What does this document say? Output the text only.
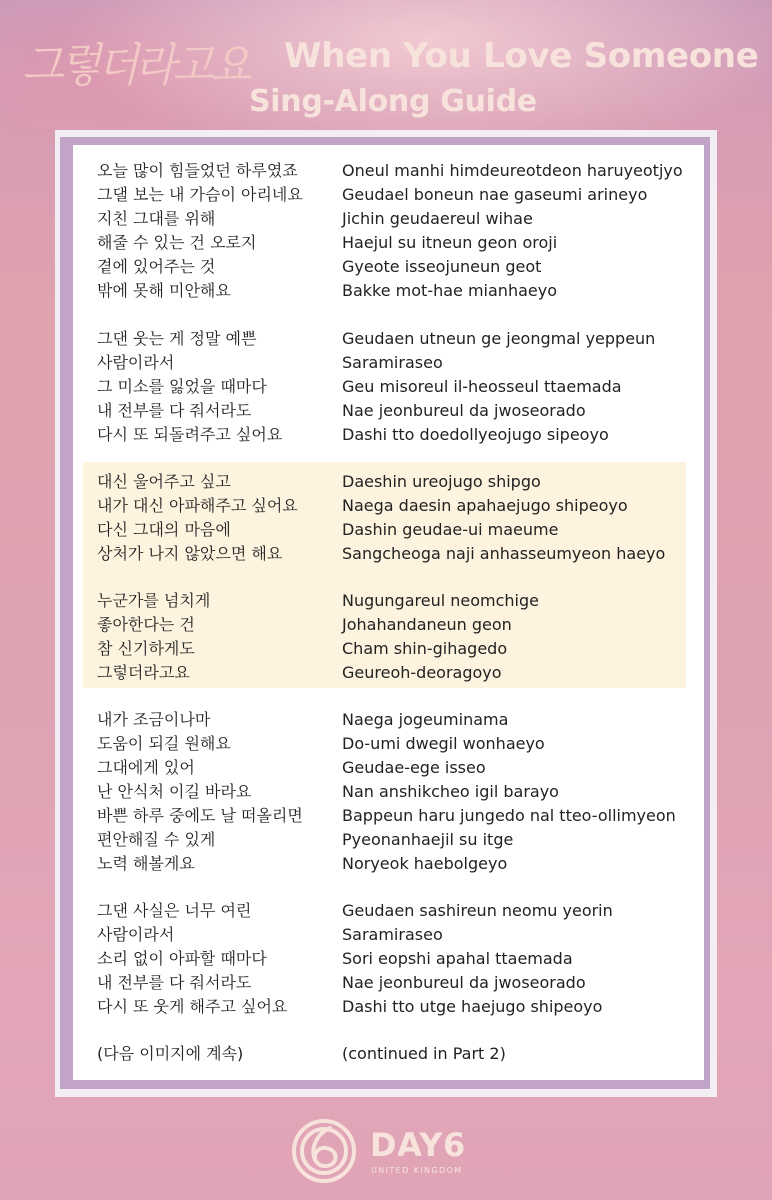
그렇더라고요	When You Love Someone
Sing-Along Guide
오늘 많이 힘들었던 하루였죠	Oneul manhi himdeureotdeon haruyeotjyo
그댈 보는 내 가슴이 아리네요 Geudael boneun nae gaseumi arineyo
지친 그대를 위해	Jichin geudaereul wihae
해줄 수 있는 건 오로지	Haejul su itneun geon oroji
곁에 있어주는 것	Gyeote isseojuneun geot
밖에 못해 미안해요	Bakke mot-hae mianhaeyo
그댄 웃는 게 정말 예쁜	Geudaen utneun ge jeongmal yeppeun
사람이라서	Saramiraseo
그 미소를 잃었을 때마다	Geu misoreul il-heosseul ttaemada
내 전부를 다 줘서라도	Nae jeonbureul da jwoseorado
다시 또 되돌려주고 싶어요	Dashi tto doedollyeojugo sipeoyo
대신 울어주고 싶고	Daeshin ureojugo shipgo
내가 대신 아파해주고 싶어요	Naega daesin apahaejugo shipeoyo
다신 그대의 마음에	Dashin geudae-ui maeume
상처가 나지 않았으면 해요	Sangcheoga naji anhasseumyeon haeyo
누군가를 넘치게	Nugungareul neomchige
좋아한다는 건	Johahandaneun geon
참 신기하게도	Cham shin-gihagedo
그렇더라고요	Geureoh-deoragoyo
내가 조금이나마	Naega jogeuminama
도움이 되길 원해요	Do-umi dwegil wonhaeyo
그대에게 있어	Geudae-ege isseo
난 안식처 이길 바라요	Nan anshikcheo igil barayo
바쁜 하루 중에도 날 떠올리면 Bappeun haru jungedo nal tteo-ollimyeon
편안해질 수 있게	Pyeonanhaejil su itge
노력 해볼게요	Noryeok haebolgeyo
그댄 사실은 너무 여린	Geudaen sashireun neomu yeorin
사람이라서	Saramiraseo
소리 없이 아파할 때마다	Sori eopshi apahal ttaemada
내 전부를 다 줘서라도	Nae jeonbureul da jwoseorado
다시 또 웃게 해주고 싶어요	Dashi tto utge haejugo shipeoyo
(다음 이미지에 계속)	(continued in Part 2)
DAY6
UNITED KINGDOM
